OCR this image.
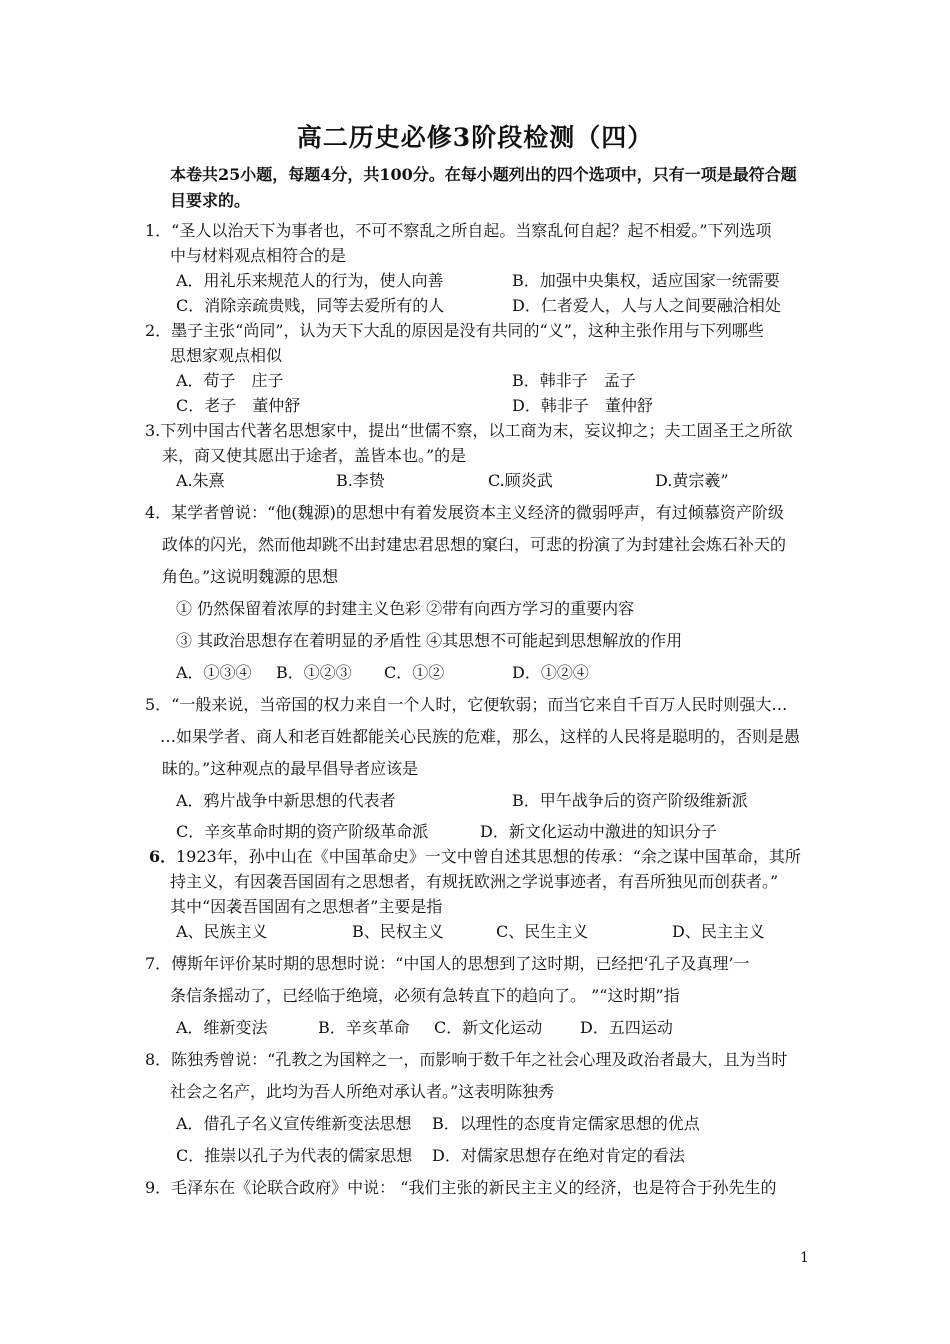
高二历史必修3阶段检测（四）
本卷共25小题，每题4分，共100分。在每小题列出的四个选项中，只有一项是最符合题
目要求的。
1．“圣人以治天下为事者也，不可不察乱之所自起。当察乱何自起？起不相爱。”下列选项
中与材料观点相符合的是
A．用礼乐来规范人的行为，使人向善	B．加强中央集权，适应国家一统需要
C．消除亲疏贵贱，同等去爱所有的人	D．仁者爱人，人与人之间要融洽相处
2．墨子主张“尚同”，认为天下大乱的原因是没有共同的“义”，这种主张作用与下列哪些
思想家观点相似
A．荀子　庄子	B．韩非子　孟子
C．老子　董仲舒	D．韩非子　董仲舒
3.下列中国古代著名思想家中，提出“世儒不察，以工商为末，妄议抑之；夫工固圣王之所欲
来，商又使其愿出于途者，盖皆本也。”的是
A.朱熹	B.李贽	C.顾炎武	D.黄宗羲”
4．某学者曾说：“他(魏源)的思想中有着发展资本主义经济的微弱呼声，有过倾慕资产阶级
政体的闪光，然而他却跳不出封建忠君思想的窠臼，可悲的扮演了为封建社会炼石补天的
角色。”这说明魏源的思想
① 仍然保留着浓厚的封建主义色彩 ②带有向西方学习的重要内容
③ 其政治思想存在着明显的矛盾性 ④其思想不可能起到思想解放的作用
A．①③④ B．①②③ C．①②	D．①②④
5．“一般来说，当帝国的权力来自一个人时，它便软弱；而当它来自千百万人民时则强大…
…如果学者、商人和老百姓都能关心民族的危难，那么，这样的人民将是聪明的，否则是愚
昧的。”这种观点的最早倡导者应该是
A．鸦片战争中新思想的代表者	B．甲午战争后的资产阶级维新派
C．辛亥革命时期的资产阶级革命派	D．新文化运动中激进的知识分子
6． 1923年，孙中山在《中国革命史》一文中曾自述其思想的传承：“余之谋中国革命，其所
持主义，有因袭吾国固有之思想者，有规抚欧洲之学说事迹者，有吾所独见而创获者。”
其中“因袭吾国固有之思想者”主要是指
A、民族主义	B、民权主义	C、民生主义	D、民主主义
7．傅斯年评价某时期的思想时说：“中国人的思想到了这时期，已经把‘孔子及真理’一
条信条摇动了，已经临于绝境，必须有急转直下的趋向了。 ”“这时期”指
A．维新变法	B．辛亥革命 C．新文化运动 D．五四运动
8．陈独秀曾说：“孔教之为国粹之一，而影响于数千年之社会心理及政治者最大，且为当时
社会之名产，此均为吾人所绝对承认者。”这表明陈独秀
A．借孔子名义宣传维新变法思想 B．以理性的态度肯定儒家思想的优点
C．推崇以孔子为代表的儒家思想 D．对儒家思想存在绝对肯定的看法
9．毛泽东在《论联合政府》中说： “我们主张的新民主主义的经济，也是符合于孙先生的
1
